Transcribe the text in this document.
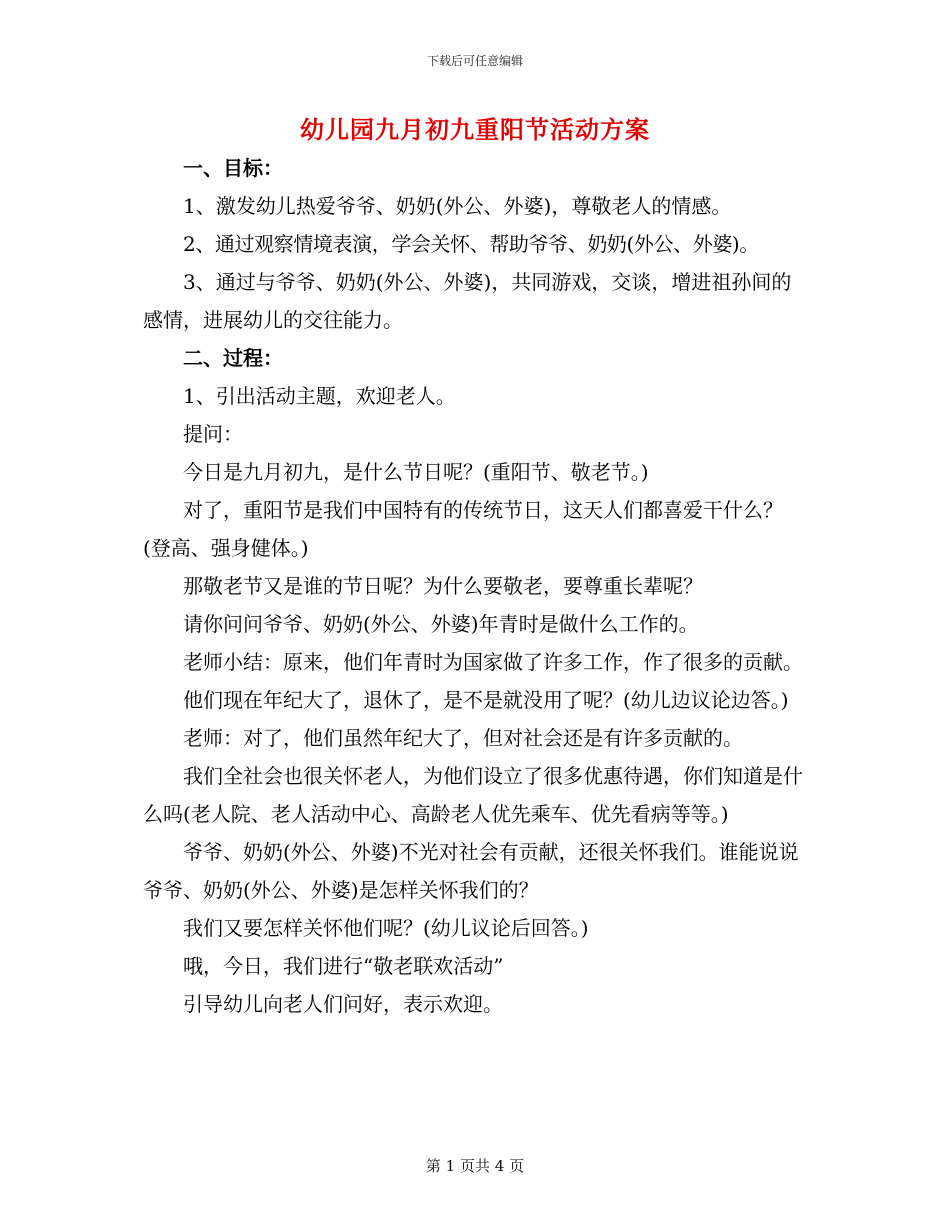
下载后可任意编辑
幼儿园九月初九重阳节活动方案

一、目标：

1、激发幼儿热爱爷爷、奶奶(外公、外婆)，尊敬老人的情感。

2、通过观察情境表演，学会关怀、帮助爷爷、奶奶(外公、外婆)。

3、通过与爷爷、奶奶(外公、外婆)，共同游戏，交谈，增进祖孙间的感情，进展幼儿的交往能力。

二、过程：

1、引出活动主题，欢迎老人。

提问：

今日是九月初九，是什么节日呢？(重阳节、敬老节。)

对了，重阳节是我们中国特有的传统节日，这天人们都喜爱干什么？(登高、强身健体。)

那敬老节又是谁的节日呢？为什么要敬老，要尊重长辈呢？

请你问问爷爷、奶奶(外公、外婆)年青时是做什么工作的。

老师小结：原来，他们年青时为国家做了许多工作，作了很多的贡献。

他们现在年纪大了，退休了，是不是就没用了呢？(幼儿边议论边答。)

老师：对了，他们虽然年纪大了，但对社会还是有许多贡献的。

我们全社会也很关怀老人，为他们设立了很多优惠待遇，你们知道是什么吗(老人院、老人活动中心、高龄老人优先乘车、优先看病等等。)

爷爷、奶奶(外公、外婆)不光对社会有贡献，还很关怀我们。谁能说说爷爷、奶奶(外公、外婆)是怎样关怀我们的？

我们又要怎样关怀他们呢？(幼儿议论后回答。)

哦，今日，我们进行“敬老联欢活动”

引导幼儿向老人们问好，表示欢迎。

第 1 页共 4 页
